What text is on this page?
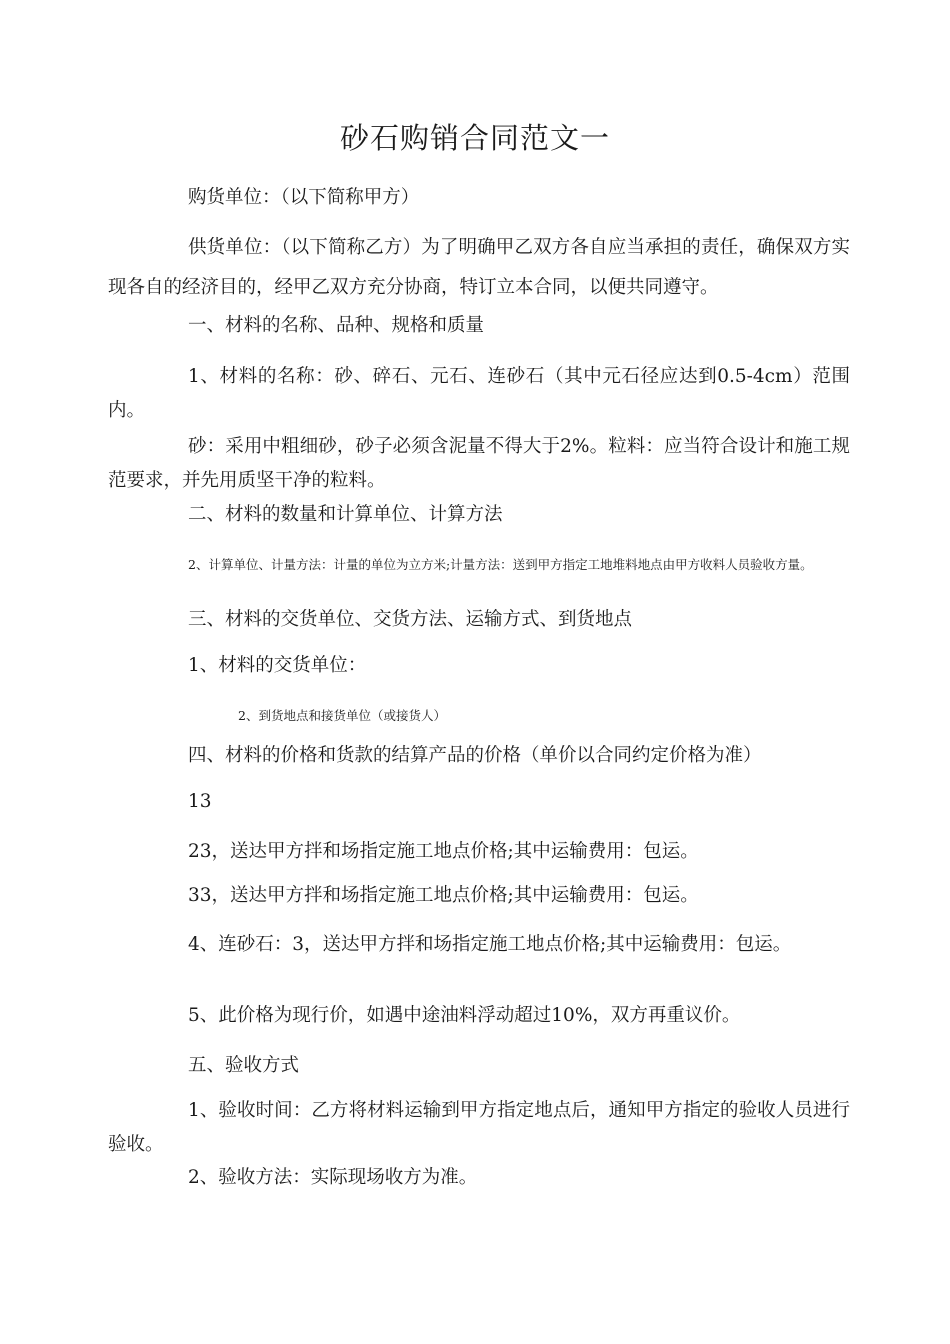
砂石购销合同范文一
购货单位：（以下简称甲方）
供货单位：（以下简称乙方）为了明确甲乙双方各自应当承担的责任，确保双方实现各自的经济目的，经甲乙双方充分协商，特订立本合同，以便共同遵守。
一、材料的名称、品种、规格和质量
1、材料的名称：砂、碎石、元石、连砂石（其中元石径应达到0.5-4cm）范围内。
砂：采用中粗细砂，砂子必须含泥量不得大于2%。粒料：应当符合设计和施工规范要求，并先用质坚干净的粒料。
二、材料的数量和计算单位、计算方法
2、计算单位、计量方法：计量的单位为立方米;计量方法：送到甲方指定工地堆料地点由甲方收料人员验收方量。
三、材料的交货单位、交货方法、运输方式、到货地点
1、材料的交货单位：
2、到货地点和接货单位（或接货人）
四、材料的价格和货款的结算产品的价格（单价以合同约定价格为准）
13
23，送达甲方拌和场指定施工地点价格;其中运输费用：包运。
33，送达甲方拌和场指定施工地点价格;其中运输费用：包运。
4、连砂石：3，送达甲方拌和场指定施工地点价格;其中运输费用：包运。
5、此价格为现行价，如遇中途油料浮动超过10%，双方再重议价。
五、验收方式
1、验收时间：乙方将材料运输到甲方指定地点后，通知甲方指定的验收人员进行验收。
2、验收方法：实际现场收方为准。
